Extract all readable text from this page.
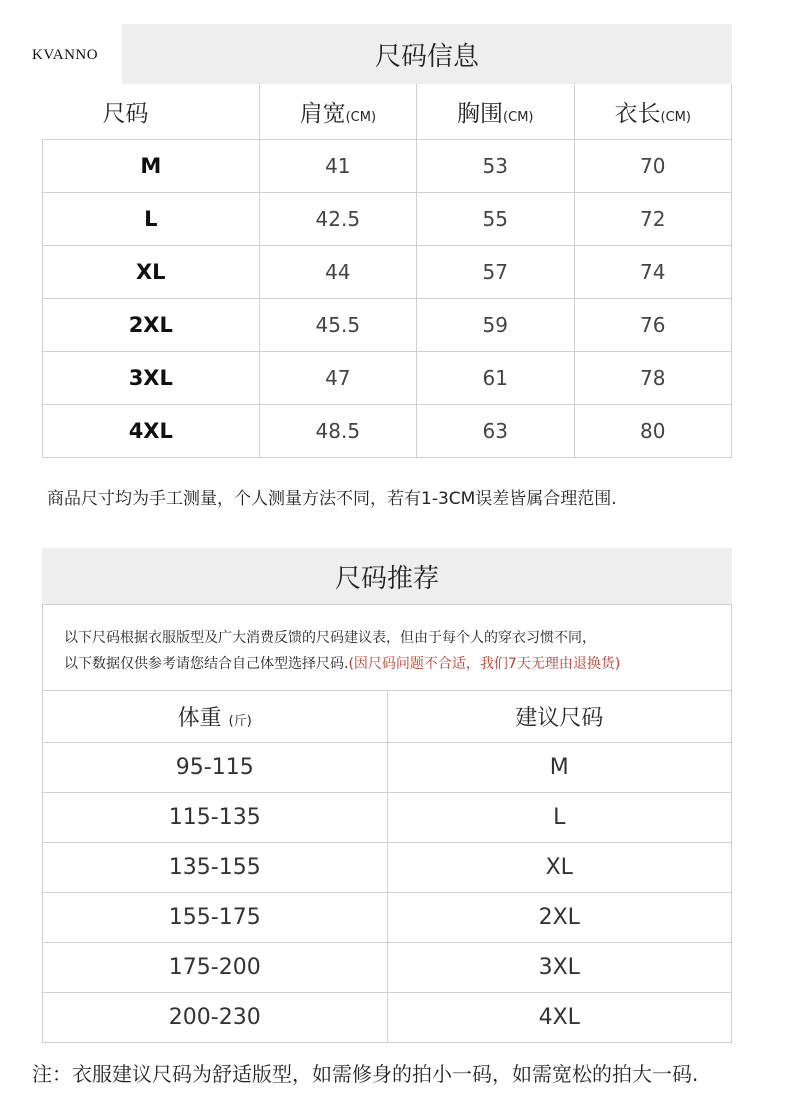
KVANNO	尺码信息
尺码	肩宽(CM)	胸围(CM)	衣长(CM)
M	41	53	70
L	42.5	55	72
XL	44	57	74
2XL	45.5	59	76
3XL	47	61	78
4XL	48.5	63	80
商品尺寸均为手工测量，个人测量方法不同，若有1-3CM误差皆属合理范围.
尺码推荐
以下尺码根据衣服版型及广大消费反馈的尺码建议表，但由于每个人的穿衣习惯不同，
以下数据仅供参考请您结合自己体型选择尺码.(因尺码问题不合适，我们7天无理由退换货)
体重 (斤)	建议尺码
95-115	M
115-135	L
135-155	XL
155-175	2XL
175-200	3XL
200-230	4XL
注：衣服建议尺码为舒适版型，如需修身的拍小一码，如需宽松的拍大一码.
